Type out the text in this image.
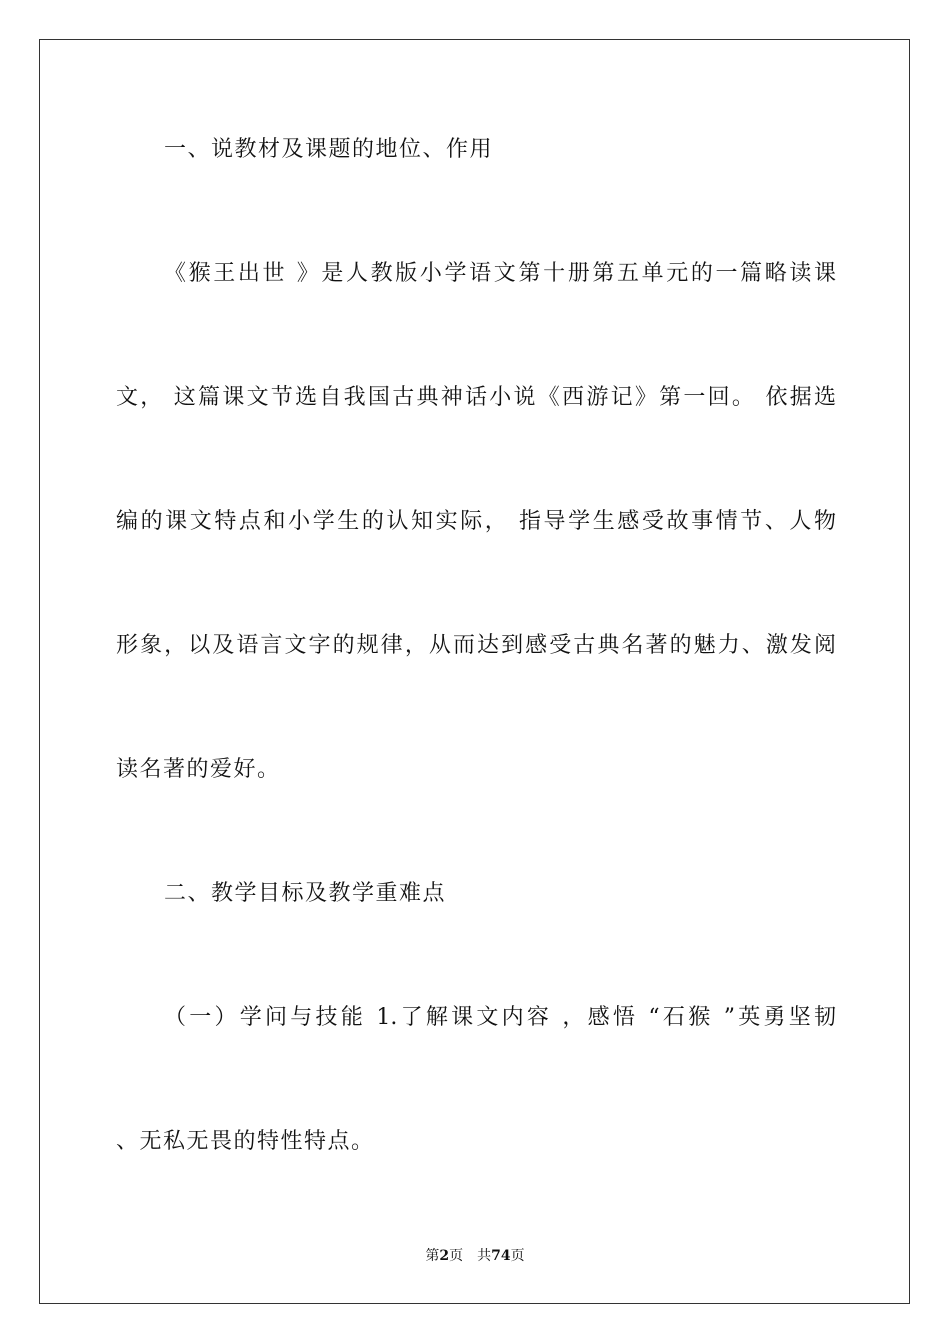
一、说教材及课题的地位、作用
《猴王出世 》是人教版小学语文第十册第五单元的一篇略读课
文， 这篇课文节选自我国古典神话小说《西游记》第一回。 依据选
编的课文特点和小学生的认知实际， 指导学生感受故事情节、人物
形象，以及语言文字的规律，从而达到感受古典名著的魅力、激发阅
读名著的爱好。
二、教学目标及教学重难点
（一）学问与技能 1.了解课文内容 ，感悟 “石猴 ”英勇坚韧
、无私无畏的特性特点。
第2页 共74页
